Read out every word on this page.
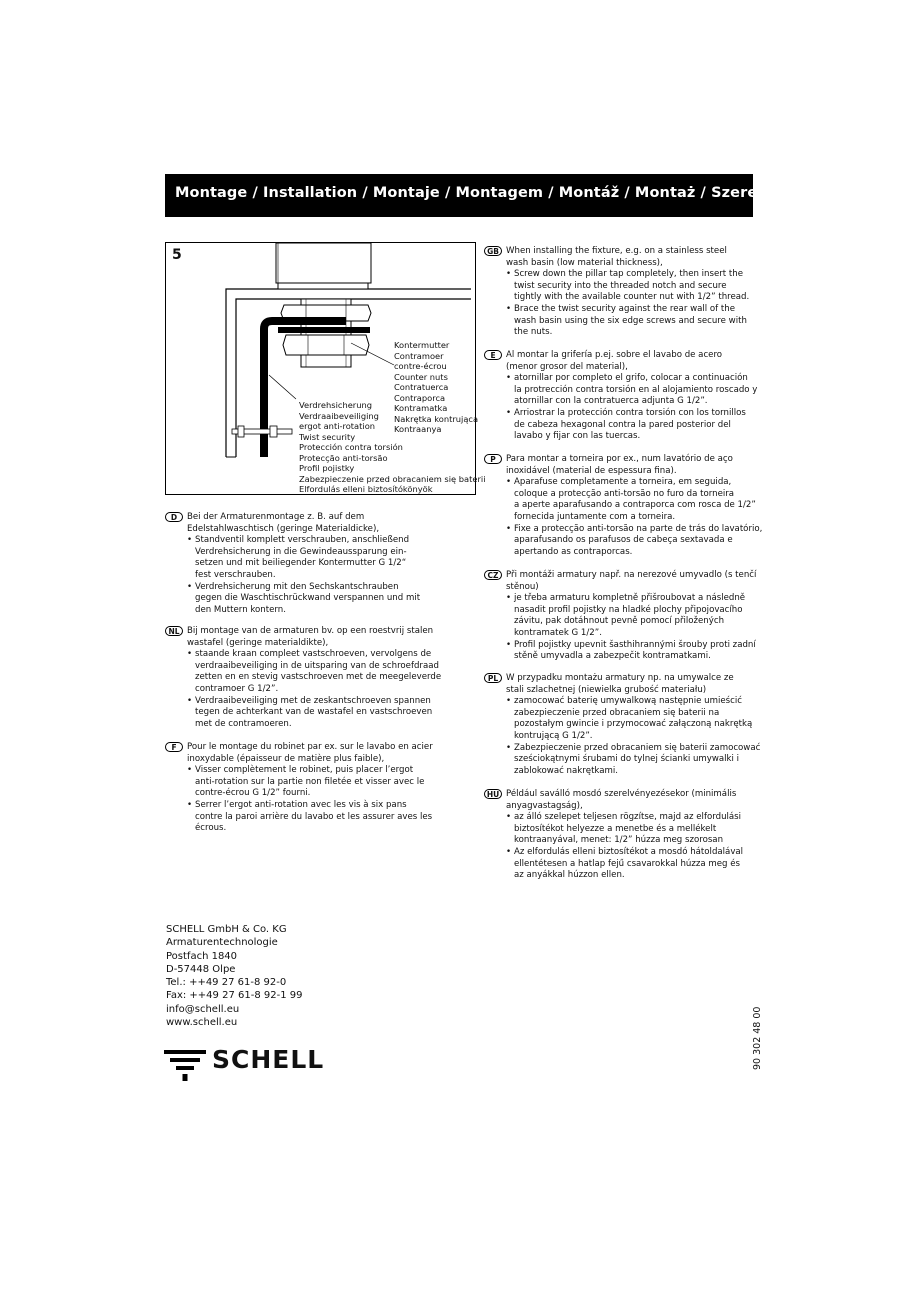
Montage / Installation / Montaje / Montagem / Montáž / Montaż / Szerelés
5
Kontermutter
Contramoer
contre-écrou
Counter nuts
Contratuerca
Contraporca
Kontramatka
Nakrętka kontrująca
Kontraanya
Verdrehsicherung
Verdraaibeveiliging
ergot anti-rotation
Twist security
Protección contra torsión
Protecção anti-torsão
Profil pojistky
Zabezpieczenie przed obracaniem się baterii
Elfordulás elleni biztosítókönyök
D	Bei der Armaturenmontage z. B. auf dem
Edelstahlwaschtisch (geringe Materialdicke),
• Standventil komplett verschrauben, anschließend
Verdrehsicherung in die Gewindeaussparung ein-
setzen und mit beiliegender Kontermutter G 1/2“
fest verschrauben.
• Verdrehsicherung mit den Sechskantschrauben
gegen die Waschtischrückwand verspannen und mit
den Muttern kontern.
NL Bij montage van de armaturen bv. op een roestvrij stalen
wastafel (geringe materialdikte),
• staande kraan compleet vastschroeven, vervolgens de
verdraaibeveiliging in de uitsparing van de schroefdraad
zetten en en stevig vastschroeven met de meegeleverde
contramoer G 1/2”.
• Verdraaibeveiliging met de zeskantschroeven spannen
tegen de achterkant van de wastafel en vastschroeven
met de contramoeren.
F	Pour le montage du robinet par ex. sur le lavabo en acier
inoxydable (épaisseur de matière plus faible),
• Visser complètement le robinet, puis placer l’ergot
anti-rotation sur la partie non filetée et visser avec le
contre-écrou G 1/2” fourni.
• Serrer l’ergot anti-rotation avec les vis à six pans
contre la paroi arrière du lavabo et les assurer aves les
écrous.
GB When installing the fixture, e.g. on a stainless steel
wash basin (low material thickness),
• Screw down the pillar tap completely, then insert the
twist security into the threaded notch and secure
tightly with the available counter nut with 1/2” thread.
• Brace the twist security against the rear wall of the
wash basin using the six edge screws and secure with
the nuts.
E	Al montar la grifería p.ej. sobre el lavabo de acero
(menor grosor del material),
• atornillar por completo el grifo, colocar a continuación
la protrección contra torsión en al alojamiento roscado y
atornillar con la contratuerca adjunta G 1/2”.
• Arriostrar la protección contra torsión con los tornillos
de cabeza hexagonal contra la pared posterior del
lavabo y fijar con las tuercas.
P	Para montar a torneira por ex., num lavatório de aço
inoxidável (material de espessura fina).
• Aparafuse completamente a torneira, em seguida,
coloque a protecção anti-torsão no furo da torneira
a aperte aparafusando a contraporca com rosca de 1/2”
fornecida juntamente com a torneira.
• Fixe a protecção anti-torsão na parte de trás do lavatório,
aparafusando os parafusos de cabeça sextavada e
apertando as contraporcas.
CZ Při montáži armatury např. na nerezové umyvadlo (s tenčí
stěnou)
• je třeba armaturu kompletně přišroubovat a následně
nasadit profil pojistky na hladké plochy připojovacího
závitu, pak dotáhnout pevně pomocí přiložených
kontramatek G 1/2”.
• Profil pojistky upevnit šasthihrannými šrouby proti zadní
stěně umyvadla a zabezpečit kontramatkami.
PL W przypadku montażu armatury np. na umywalce ze
stali szlachetnej (niewielka grubość materiału)
• zamocować baterię umywalkową następnie umieścić
zabezpieczenie przed obracaniem się baterii na
pozostałym gwincie i przymocować załączoną nakrętką
kontrującą G 1/2”.
• Zabezpieczenie przed obracaniem się baterii zamocować
sześciokątnymi śrubami do tylnej ścianki umywalki i
zablokować nakrętkami.
HU Például saválló mosdó szerelvényezésekor (minimális
anyagvastagság),
• az álló szelepet teljesen rögzítse, majd az elfordulási
biztosítékot helyezze a menetbe és a mellékelt
kontraanyával, menet: 1/2” húzza meg szorosan
• Az elfordulás elleni biztosítékot a mosdó hátoldalával
ellentétesen a hatlap fejű csavarokkal húzza meg és
az anyákkal húzzon ellen.
SCHELL GmbH & Co. KG
Armaturentechnologie
Postfach 1840
D-57448 Olpe
Tel.: ++49 27 61-8 92-0
Fax: ++49 27 61-8 92-1 99
info@schell.eu
www.schell.eu
SCHELL	90 302 48 00
